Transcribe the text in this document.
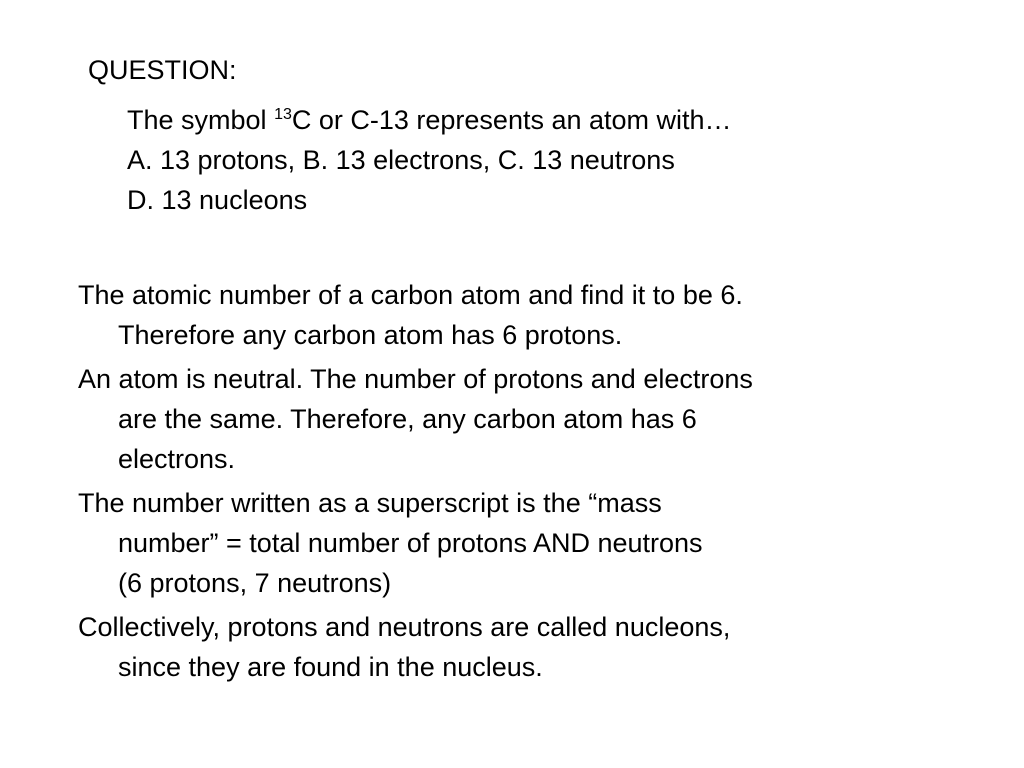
QUESTION:
The symbol $^{13}$C or C-13 represents an atom with…
A. 13 protons, B. 13 electrons, C. 13 neutrons
D. 13 nucleons
The atomic number of a carbon atom and find it to be 6.
Therefore any carbon atom has 6 protons.
An atom is neutral. The number of protons and electrons
are the same. Therefore, any carbon atom has 6
electrons.
The number written as a superscript is the “mass
number” = total number of protons AND neutrons
(6 protons, 7 neutrons)
Collectively, protons and neutrons are called nucleons,
since they are found in the nucleus.
